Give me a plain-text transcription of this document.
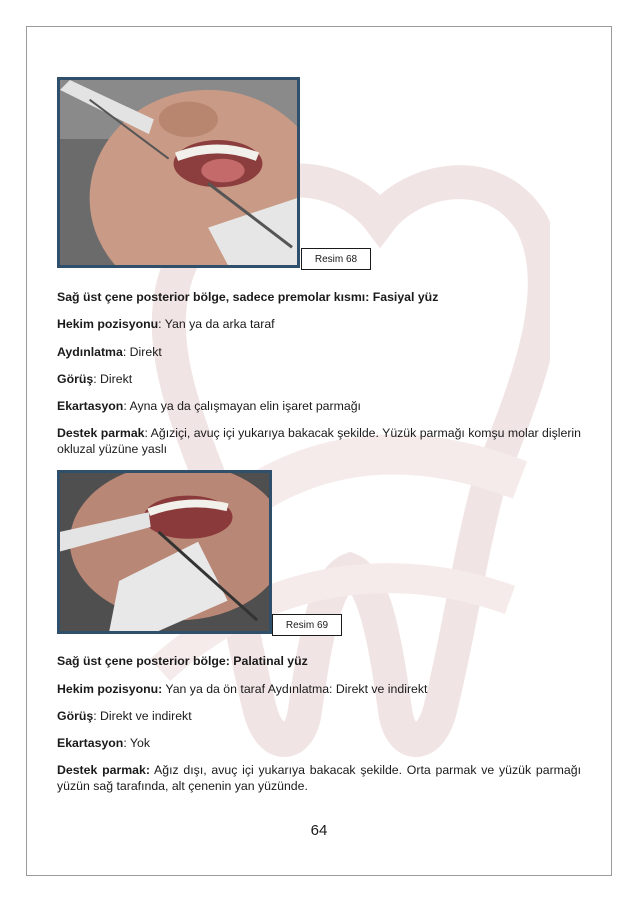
Resim 68
Sağ üst çene posterior bölge, sadece premolar kısmı: Fasiyal yüz
Hekim pozisyonu: Yan ya da arka taraf
Aydınlatma: Direkt
Görüş: Direkt
Ekartasyon: Ayna ya da çalışmayan elin işaret parmağı
Destek parmak: Ağıziçi, avuç içi yukarıya bakacak şekilde. Yüzük parmağı komşu molar dişlerin okluzal yüzüne yaslı
Resim 69
Sağ üst çene posterior bölge: Palatinal yüz
Hekim pozisyonu: Yan ya da ön taraf Aydınlatma: Direkt ve indirekt
Görüş: Direkt ve indirekt
Ekartasyon: Yok
Destek parmak: Ağız dışı, avuç içi yukarıya bakacak şekilde. Orta parmak ve yüzük parmağı yüzün sağ tarafında, alt çenenin yan yüzünde.
64
